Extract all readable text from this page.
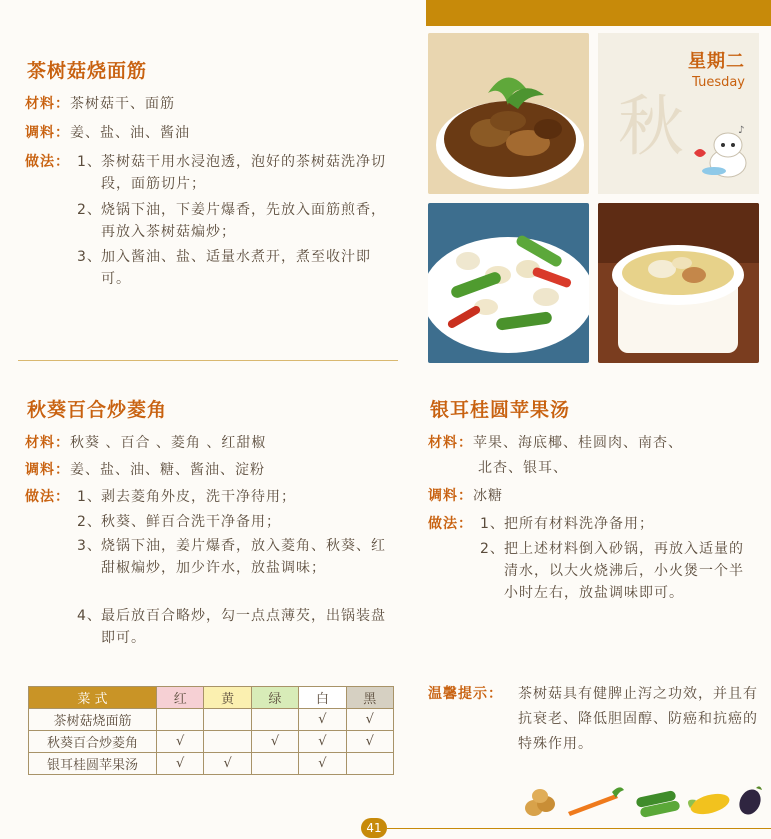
茶树菇烧面筋
材料：茶树菇干、面筋
调料：姜、盐、油、酱油
做法： 1、 茶树菇干用水浸泡透，泡好的茶树菇洗净切段，面筋切片；
2、 烧锅下油，下姜片爆香，先放入面筋煎香，再放入茶树菇煸炒；
3、 加入酱油、盐、适量水煮开，煮至收汁即可。
秋葵百合炒菱角
材料：秋葵 、百合 、菱角 、红甜椒
调料：姜、盐、油、糖、酱油、淀粉
做法： 1、 剥去菱角外皮，洗干净待用；
2、 秋葵、鲜百合洗干净备用；
3、 烧锅下油，姜片爆香，放入菱角、秋葵、红甜椒煸炒，加少许水，放盐调味；
4、 最后放百合略炒，勾一点点薄芡，出锅装盘即可。
菜 式	红	黄	绿	白	黑
茶树菇烧面筋				√	√
秋葵百合炒菱角	√		√	√	√
银耳桂圆苹果汤	√	√		√	
秋
星期二
Tuesday
♪
银耳桂圆苹果汤
材料：苹果、海底椰、桂圆肉、南杏、
北杏、银耳、
调料：冰糖
做法： 1、 把所有材料洗净备用；
2、 把上述材料倒入砂锅，再放入适量的清水，以大火烧沸后，小火煲一个半小时左右，放盐调味即可。
温馨提示：	茶树菇具有健脾止泻之功效，并且有抗衰老、降低胆固醇、防癌和抗癌的特殊作用。
41
